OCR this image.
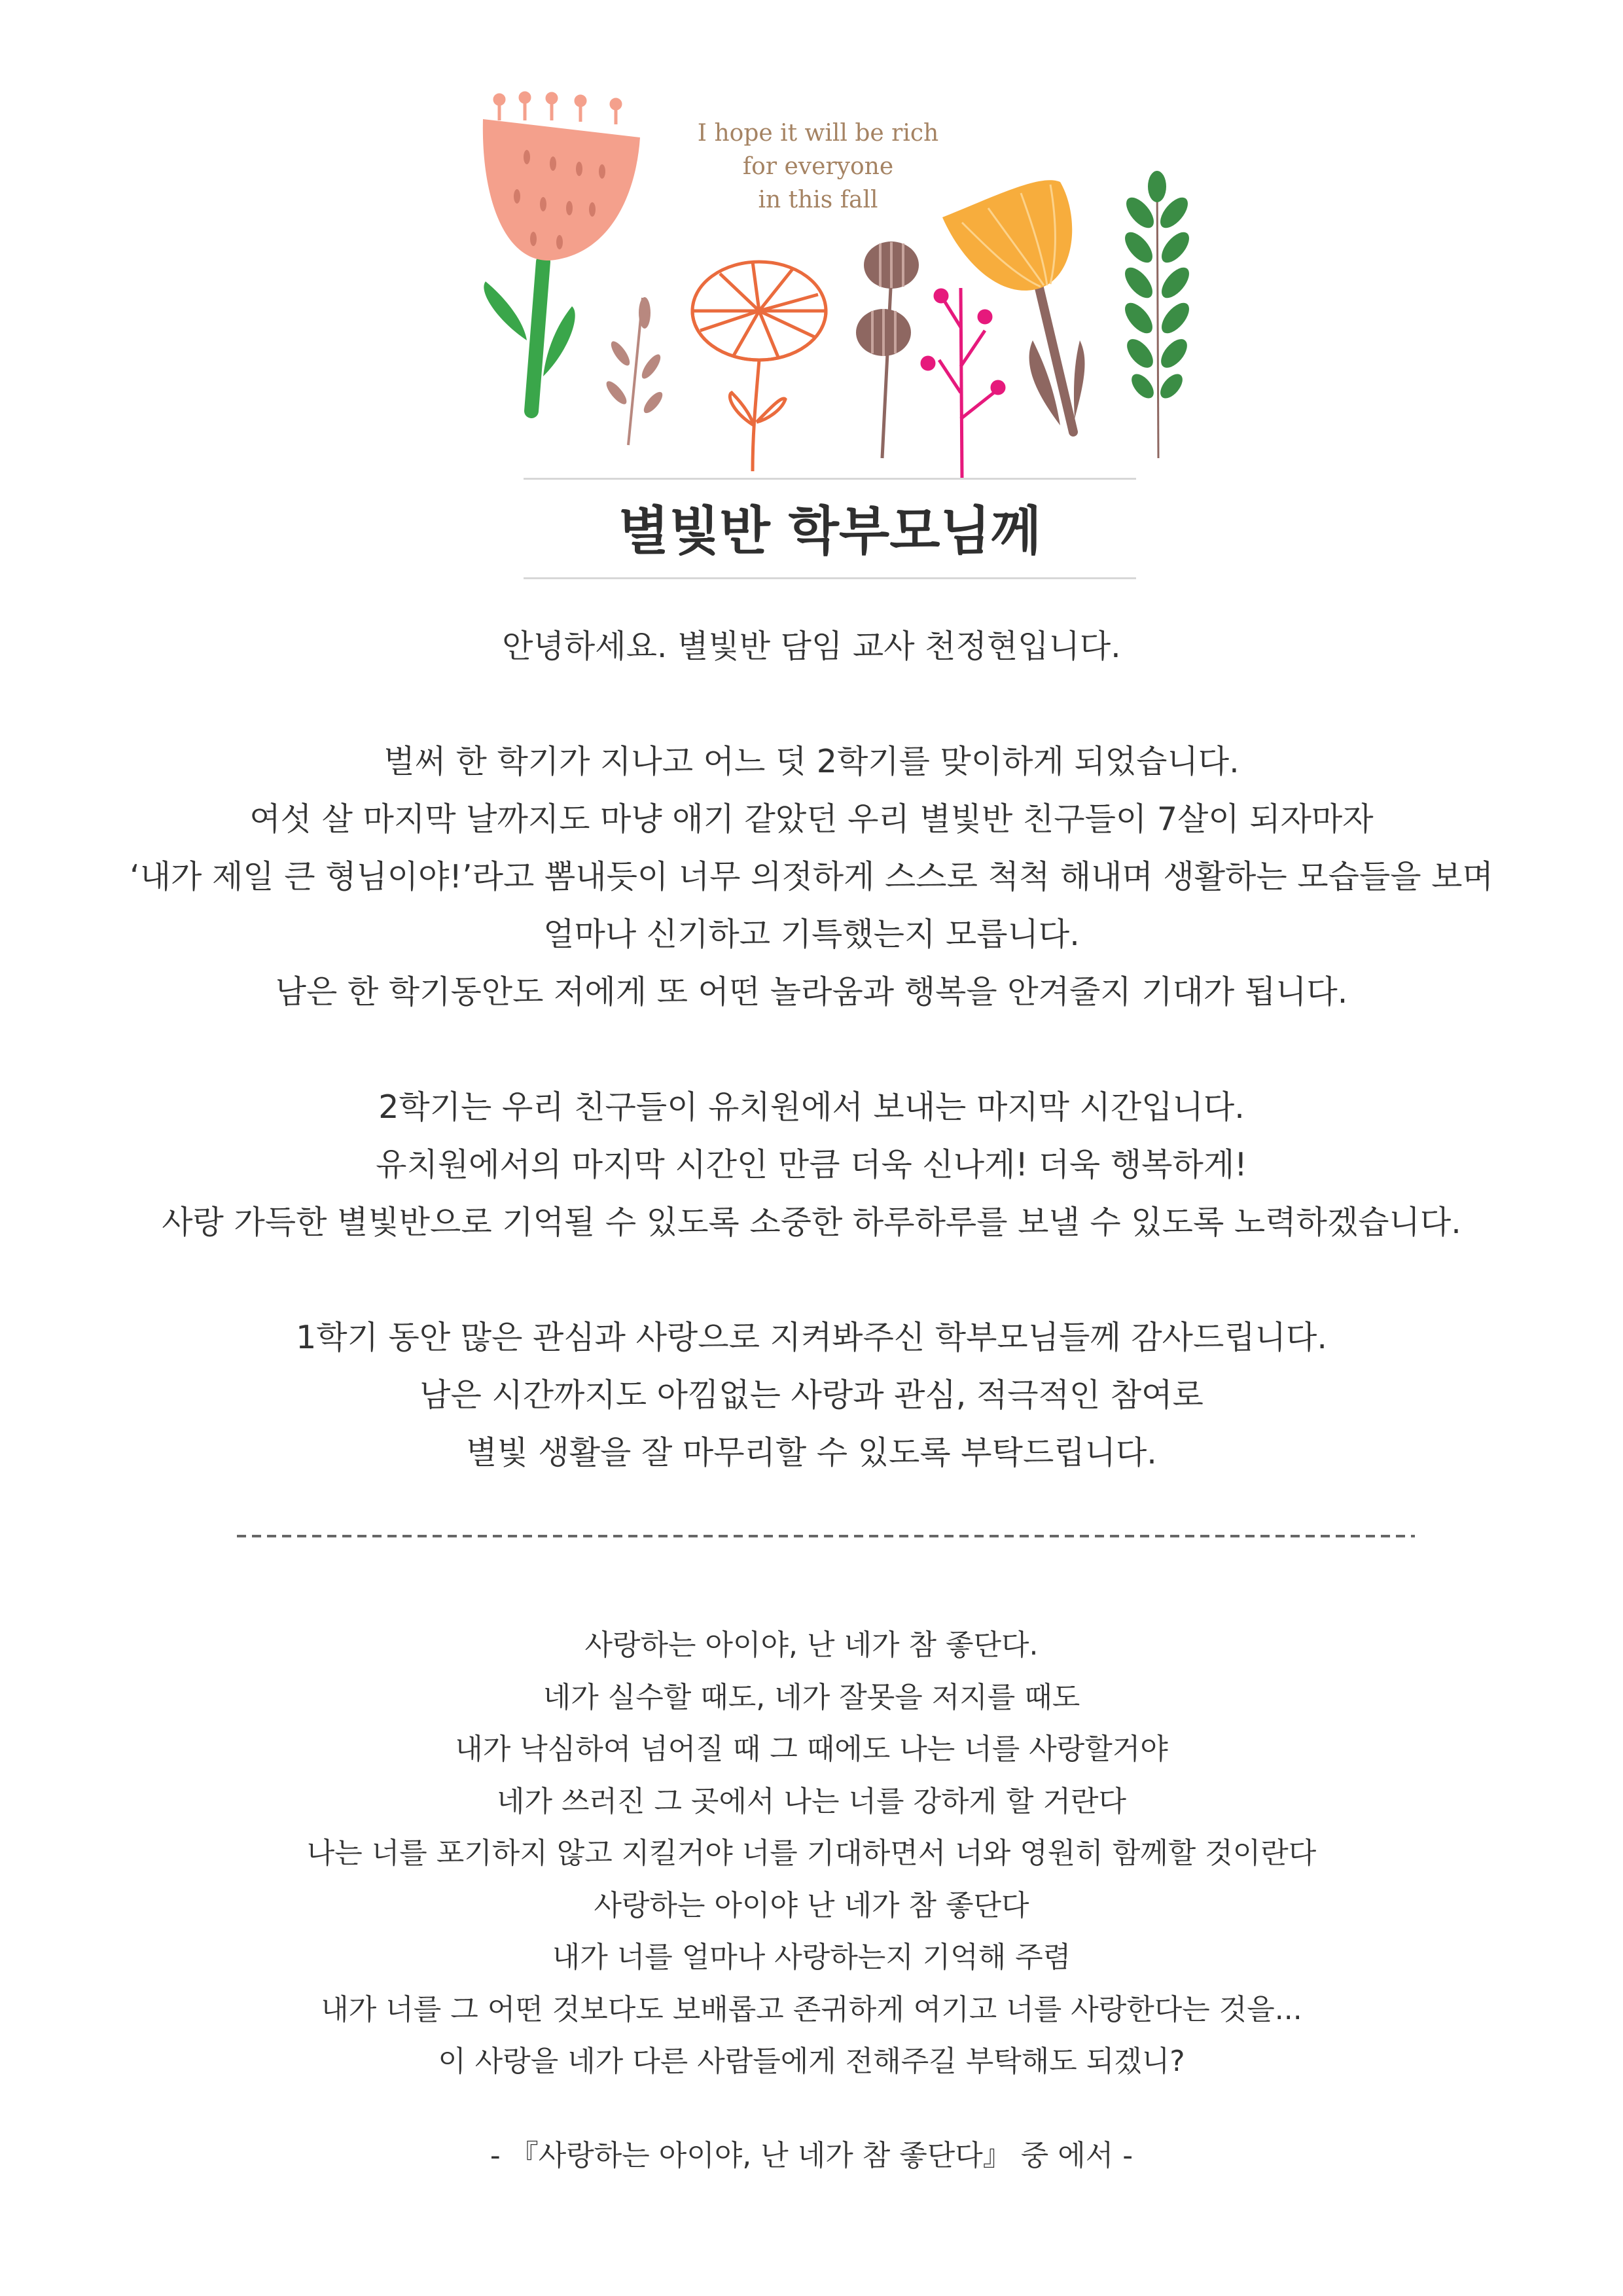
I hope it will be rich
for everyone
in this fall
별빛반 학부모님께
안녕하세요. 별빛반 담임 교사 천정현입니다.
벌써 한 학기가 지나고 어느 덧 2학기를 맞이하게 되었습니다.
여섯 살 마지막 날까지도 마냥 애기 같았던 우리 별빛반 친구들이 7살이 되자마자
‘내가 제일 큰 형님이야!’라고 뽐내듯이 너무 의젓하게 스스로 척척 해내며 생활하는 모습들을 보며
얼마나 신기하고 기특했는지 모릅니다.
남은 한 학기동안도 저에게 또 어떤 놀라움과 행복을 안겨줄지 기대가 됩니다.
2학기는 우리 친구들이 유치원에서 보내는 마지막 시간입니다.
유치원에서의 마지막 시간인 만큼 더욱 신나게! 더욱 행복하게!
사랑 가득한 별빛반으로 기억될 수 있도록 소중한 하루하루를 보낼 수 있도록 노력하겠습니다.
1학기 동안 많은 관심과 사랑으로 지켜봐주신 학부모님들께 감사드립니다.
남은 시간까지도 아낌없는 사랑과 관심, 적극적인 참여로
별빛 생활을 잘 마무리할 수 있도록 부탁드립니다.
사랑하는 아이야, 난 네가 참 좋단다.
네가 실수할 때도, 네가 잘못을 저지를 때도
내가 낙심하여 넘어질 때 그 때에도 나는 너를 사랑할거야
네가 쓰러진 그 곳에서 나는 너를 강하게 할 거란다
나는 너를 포기하지 않고 지킬거야 너를 기대하면서 너와 영원히 함께할 것이란다
사랑하는 아이야 난 네가 참 좋단다
내가 너를 얼마나 사랑하는지 기억해 주렴
내가 너를 그 어떤 것보다도 보배롭고 존귀하게 여기고 너를 사랑한다는 것을...
이 사랑을 네가 다른 사람들에게 전해주길 부탁해도 되겠니?
- 『사랑하는 아이야, 난 네가 참 좋단다』 중 에서 -
